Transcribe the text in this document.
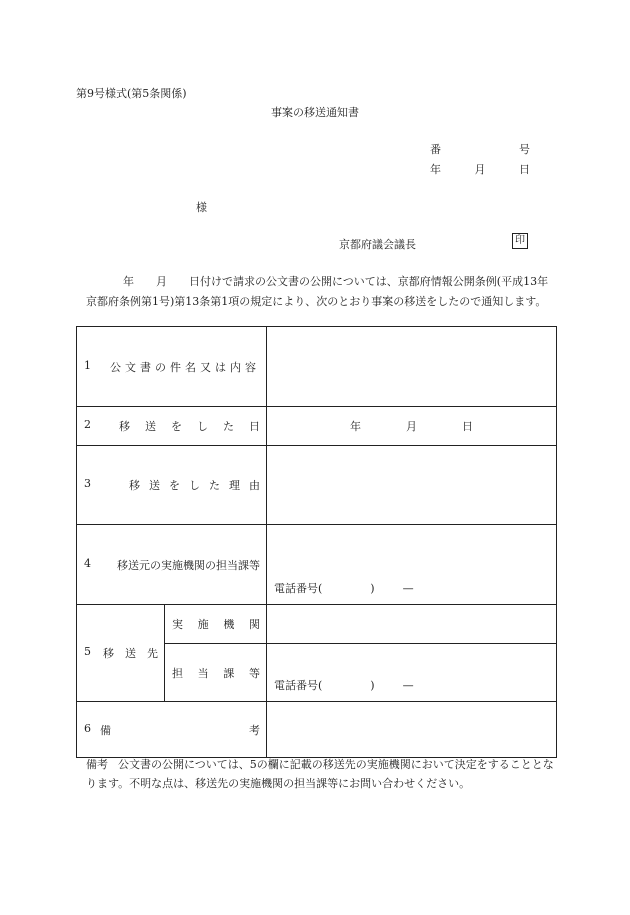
第9号様式(第5条関係)
事案の移送通知書
番	号
年	月	日
様
京都府議会議長	印
年 月 日付けで請求の公文書の公開については、京都府情報公開条例(平成13年京都府条例第1号)第13条第1項の規定により、次のとおり事案の移送をしたので通知します。
1 公文書の件名又は内容		

2 移送をした日		年 月 日

3 移送をした理由		

4 移送元の実施機関の担当課等		電話番号( ) —

5 移送先	実施機関	

	担当課等	電話番号( ) —

6 備 考		

備考 公文書の公開については、5の欄に記載の移送先の実施機関において決定をすることとなります。不明な点は、移送先の実施機関の担当課等にお問い合わせください。
